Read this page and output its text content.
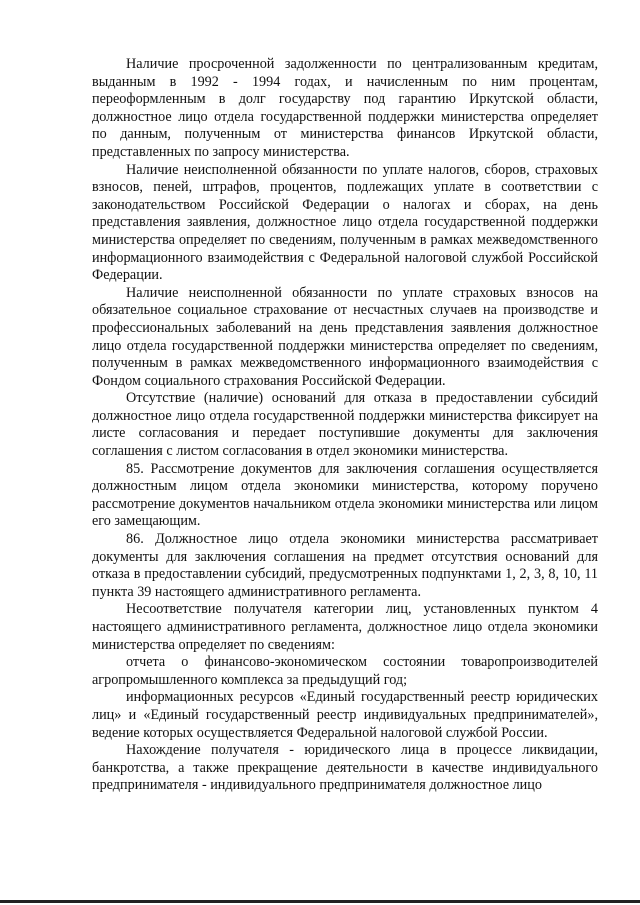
Наличие просроченной задолженности по централизованным кредитам, выданным в 1992 - 1994 годах, и начисленным по ним процентам, переоформленным в долг государству под гарантию Иркутской области, должностное лицо отдела государственной поддержки министерства определяет по данным, полученным от министерства финансов Иркутской области, представленных по запросу министерства.

Наличие неисполненной обязанности по уплате налогов, сборов, страховых взносов, пеней, штрафов, процентов, подлежащих уплате в соответствии с законодательством Российской Федерации о налогах и сборах, на день представления заявления, должностное лицо отдела государственной поддержки министерства определяет по сведениям, полученным в рамках межведомственного информационного взаимодействия с Федеральной налоговой службой Российской Федерации.

Наличие неисполненной обязанности по уплате страховых взносов на обязательное социальное страхование от несчастных случаев на производстве и профессиональных заболеваний на день представления заявления должностное лицо отдела государственной поддержки министерства определяет по сведениям, полученным в рамках межведомственного информационного взаимодействия с Фондом социального страхования Российской Федерации.

Отсутствие (наличие) оснований для отказа в предоставлении субсидий должностное лицо отдела государственной поддержки министерства фиксирует на листе согласования и передает поступившие документы для заключения соглашения с листом согласования в отдел экономики министерства.

85. Рассмотрение документов для заключения соглашения осуществляется должностным лицом отдела экономики министерства, которому поручено рассмотрение документов начальником отдела экономики министерства или лицом его замещающим.

86. Должностное лицо отдела экономики министерства рассматривает документы для заключения соглашения на предмет отсутствия оснований для отказа в предоставлении субсидий, предусмотренных подпунктами 1, 2, 3, 8, 10, 11 пункта 39 настоящего административного регламента.

Несоответствие получателя категории лиц, установленных пунктом 4 настоящего административного регламента, должностное лицо отдела экономики министерства определяет по сведениям:

отчета о финансово-экономическом состоянии товаропроизводителей агропромышленного комплекса за предыдущий год;

информационных ресурсов «Единый государственный реестр юридических лиц» и «Единый государственный реестр индивидуальных предпринимателей», ведение которых осуществляется Федеральной налоговой службой России.

Нахождение получателя - юридического лица в процессе ликвидации, банкротства, а также прекращение деятельности в качестве индивидуального предпринимателя - индивидуального предпринимателя должностное лицо
